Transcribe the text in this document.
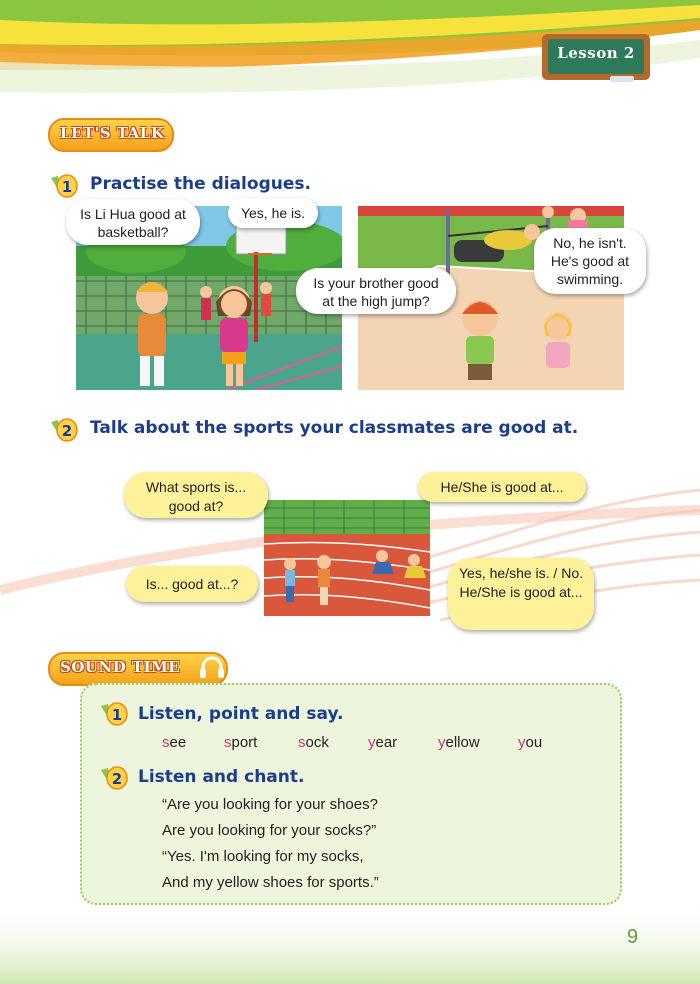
Lesson 2
LET'S TALK
1 Practise the dialogues.
Is Li Hua good at basketball?
Yes, he is.
Is your brother good at the high jump?
No, he isn't. He's good at swimming.
2 Talk about the sports your classmates are good at.
What sports is... good at?
He/She is good at...
Is... good at...?
Yes, he/she is. / No. He/She is good at...
SOUND TIME
1 Listen, point and say.
see	sport	sock	year	yellow	you
2 Listen and chant.
“Are you looking for your shoes?
Are you looking for your socks?”
“Yes. I'm looking for my socks,
And my yellow shoes for sports.”
9
